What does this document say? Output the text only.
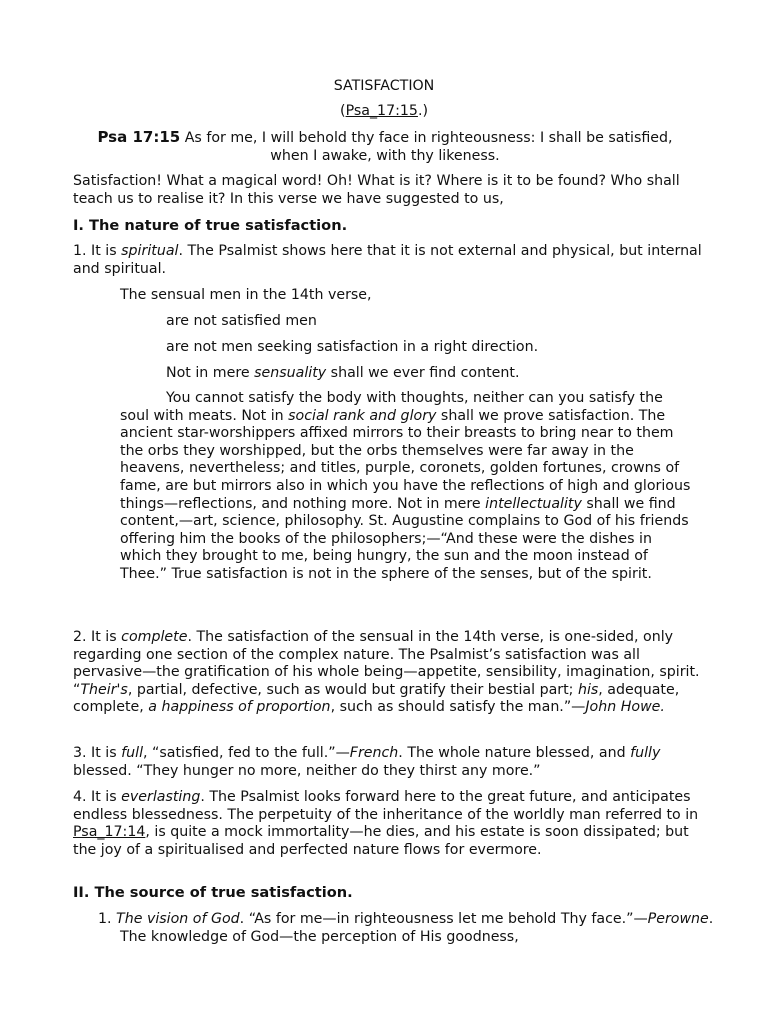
SATISFACTION
(Psa_17:15.)
Psa 17:15 As for me, I will behold thy face in righteousness: I shall be satisfied, when I awake, with thy likeness.
Satisfaction! What a magical word! Oh! What is it? Where is it to be found? Who shall teach us to realise it? In this verse we have suggested to us,
I. The nature of true satisfaction.
1. It is spiritual. The Psalmist shows here that it is not external and physical, but internal and spiritual.
The sensual men in the 14th verse,
are not satisfied men
are not men seeking satisfaction in a right direction.
Not in mere sensuality shall we ever find content.
You cannot satisfy the body with thoughts, neither can you satisfy the soul with meats. Not in social rank and glory shall we prove satisfaction. The ancient star-worshippers affixed mirrors to their breasts to bring near to them the orbs they worshipped, but the orbs themselves were far away in the heavens, nevertheless; and titles, purple, coronets, golden fortunes, crowns of fame, are but mirrors also in which you have the reflections of high and glorious things—reflections, and nothing more. Not in mere intellectuality shall we find content,—art, science, philosophy. St. Augustine complains to God of his friends offering him the books of the philosophers;—“And these were the dishes in which they brought to me, being hungry, the sun and the moon instead of Thee.” True satisfaction is not in the sphere of the senses, but of the spirit.
2. It is complete. The satisfaction of the sensual in the 14th verse, is one-sided, only regarding one section of the complex nature. The Psalmist’s satisfaction was all pervasive—the gratification of his whole being—appetite, sensibility, imagination, spirit. “Their's, partial, defective, such as would but gratify their bestial part; his, adequate, complete, a happiness of proportion, such as should satisfy the man.”—John Howe.
3. It is full, “satisfied, fed to the full.”—French. The whole nature blessed, and fully blessed. “They hunger no more, neither do they thirst any more.”
4. It is everlasting. The Psalmist looks forward here to the great future, and anticipates endless blessedness. The perpetuity of the inheritance of the worldly man referred to in Psa_17:14, is quite a mock immortality—he dies, and his estate is soon dissipated; but the joy of a spiritualised and perfected nature flows for evermore.
II. The source of true satisfaction.
1. The vision of God. “As for me—in righteousness let me behold Thy face.”—Perowne. The knowledge of God—the perception of His goodness,
